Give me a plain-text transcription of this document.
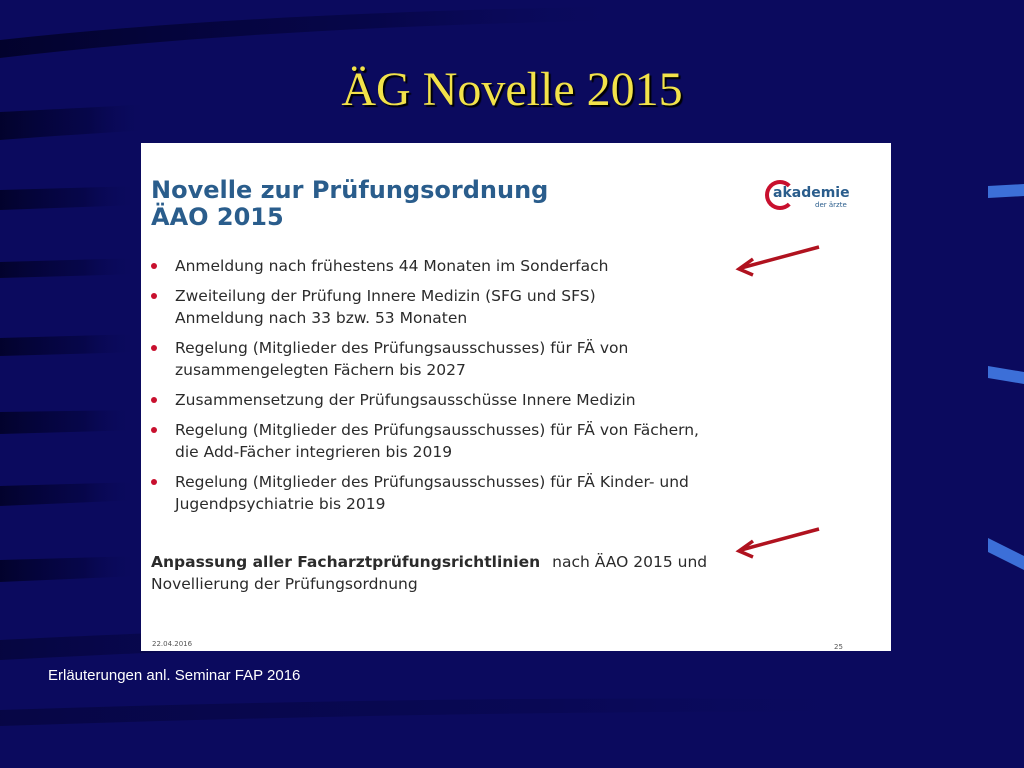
ÄG Novelle 2015
Novelle zur Prüfungsordnung
ÄAO 2015
akademie
der ärzte
Anmeldung nach frühestens 44 Monaten im Sonderfach
Zweiteilung der Prüfung Innere Medizin (SFG und SFS)
Anmeldung nach 33 bzw. 53 Monaten
Regelung (Mitglieder des Prüfungsausschusses) für FÄ von
zusammengelegten Fächern bis 2027
Zusammensetzung der Prüfungsausschüsse Innere Medizin
Regelung (Mitglieder des Prüfungsausschusses) für FÄ von Fächern,
die Add-Fächer integrieren bis 2019
Regelung (Mitglieder des Prüfungsausschusses) für FÄ Kinder- und
Jugendpsychiatrie bis 2019
Anpassung aller Facharztprüfungsrichtlinien nach ÄAO 2015 und
Novellierung der Prüfungsordnung
22.04.2016	25
Erläuterungen anl. Seminar FAP 2016
